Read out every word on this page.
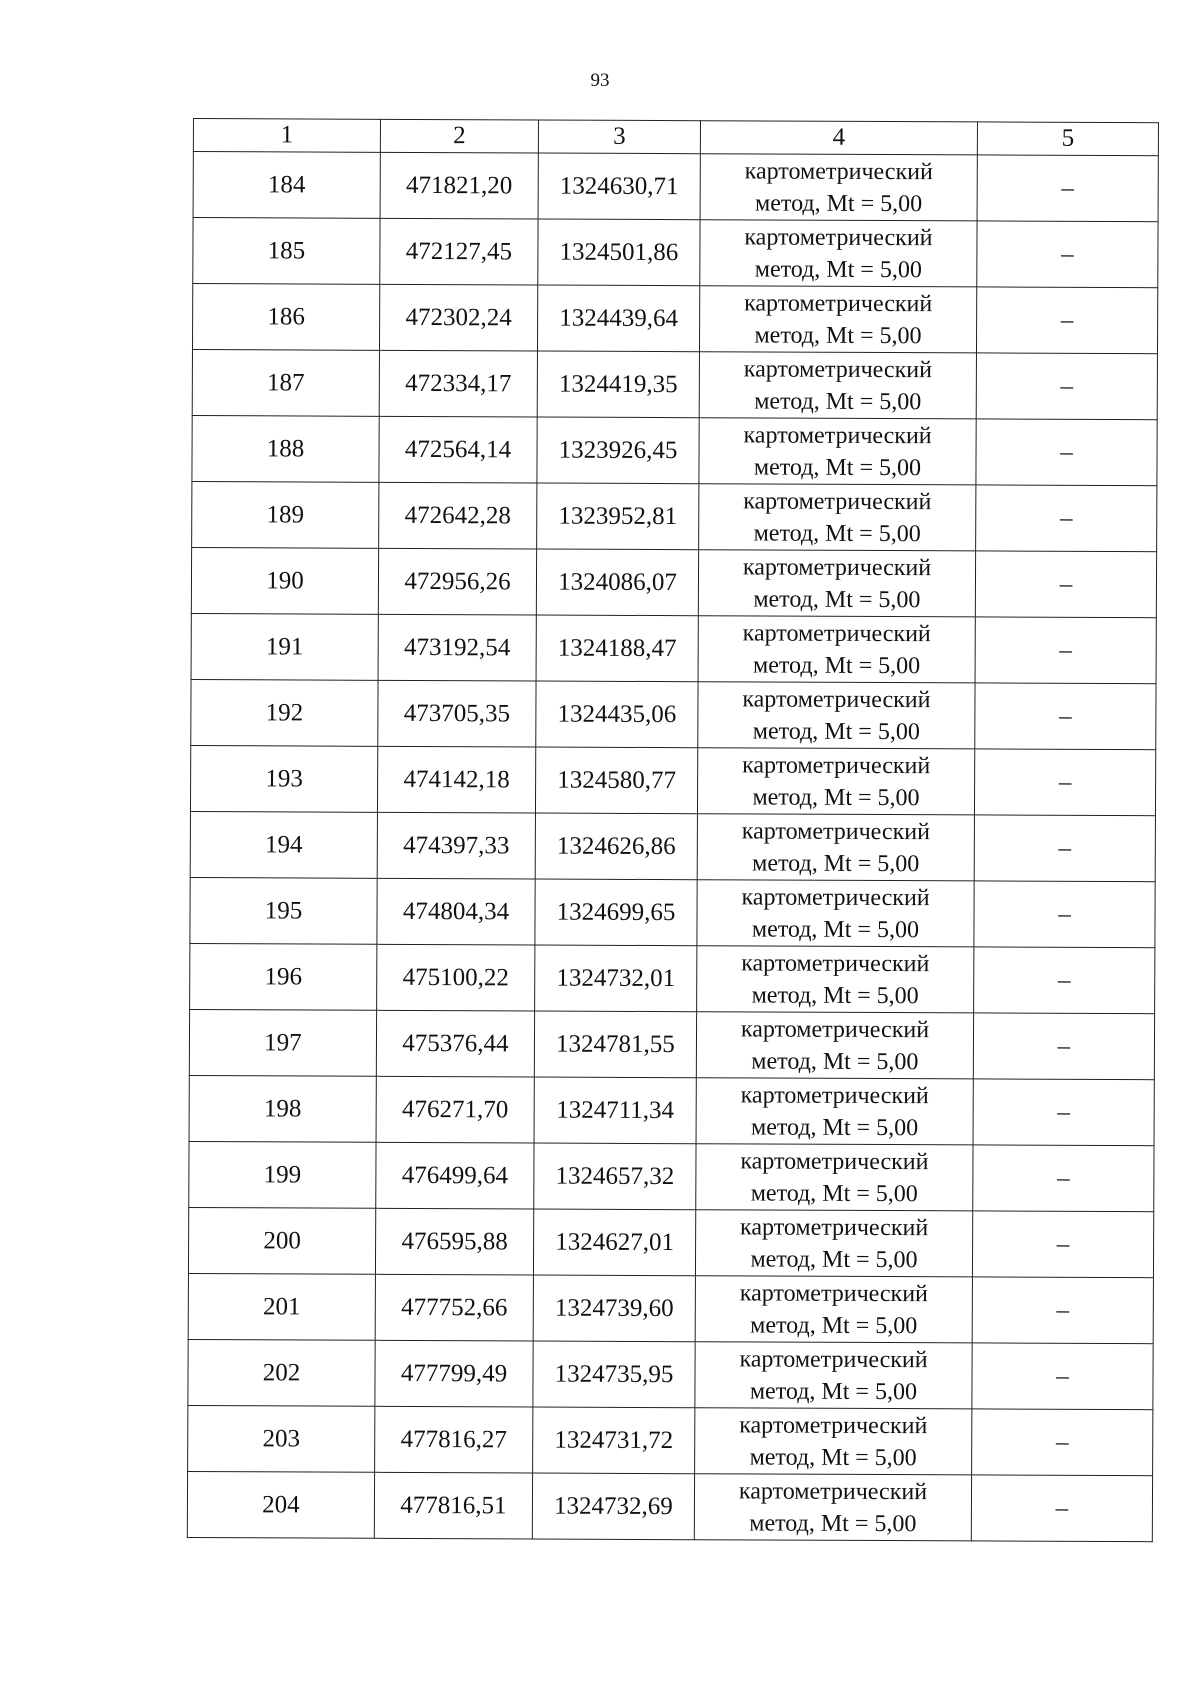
93
1	2	3	4	5
184	471821,20	1324630,71	картометрический
метод, Mt = 5,00	–
185	472127,45	1324501,86	картометрический
метод, Mt = 5,00	–
186	472302,24	1324439,64	картометрический
метод, Mt = 5,00	–
187	472334,17	1324419,35	картометрический
метод, Mt = 5,00	–
188	472564,14	1323926,45	картометрический
метод, Mt = 5,00	–
189	472642,28	1323952,81	картометрический
метод, Mt = 5,00	–
190	472956,26	1324086,07	картометрический
метод, Mt = 5,00	–
191	473192,54	1324188,47	картометрический
метод, Mt = 5,00	–
192	473705,35	1324435,06	картометрический
метод, Mt = 5,00	–
193	474142,18	1324580,77	картометрический
метод, Mt = 5,00	–
194	474397,33	1324626,86	картометрический
метод, Mt = 5,00	–
195	474804,34	1324699,65	картометрический
метод, Mt = 5,00	–
196	475100,22	1324732,01	картометрический
метод, Mt = 5,00	–
197	475376,44	1324781,55	картометрический
метод, Mt = 5,00	–
198	476271,70	1324711,34	картометрический
метод, Mt = 5,00	–
199	476499,64	1324657,32	картометрический
метод, Mt = 5,00	–
200	476595,88	1324627,01	картометрический
метод, Mt = 5,00	–
201	477752,66	1324739,60	картометрический
метод, Mt = 5,00	–
202	477799,49	1324735,95	картометрический
метод, Mt = 5,00	–
203	477816,27	1324731,72	картометрический
метод, Mt = 5,00	–
204	477816,51	1324732,69	картометрический
метод, Mt = 5,00	–
